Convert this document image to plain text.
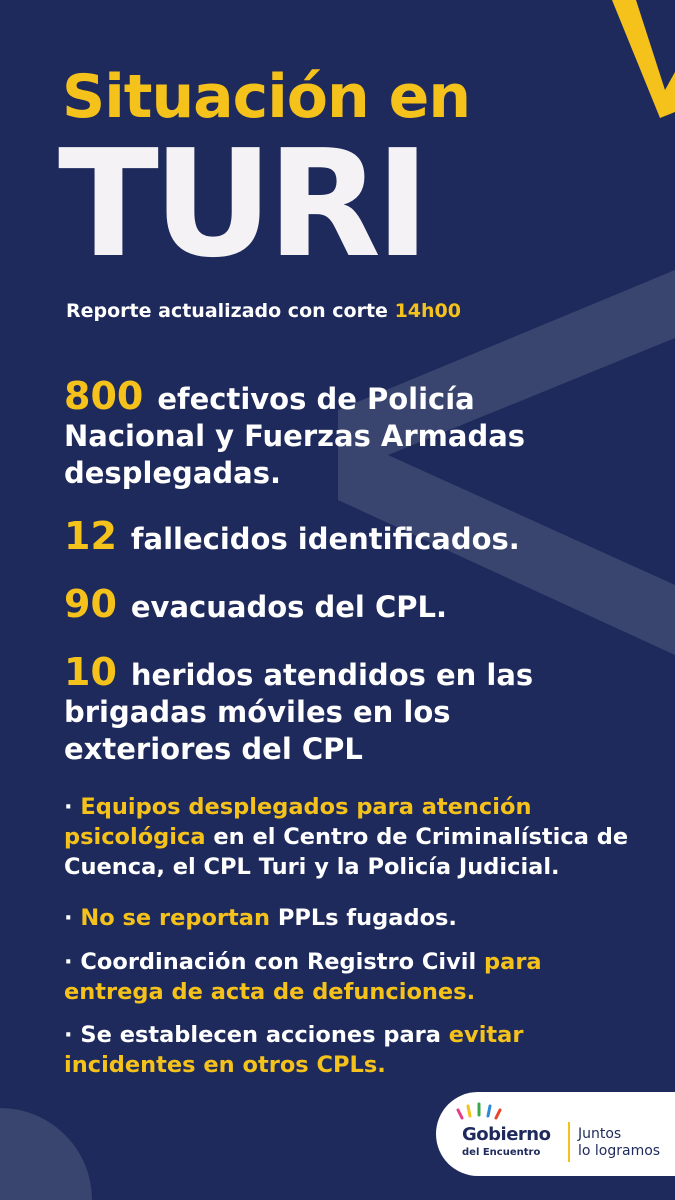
Situación en
TURI
Reporte actualizado con corte 14h00
800 efectivos de Policía Nacional y Fuerzas Armadas desplegadas.
12 fallecidos identificados.
90 evacuados del CPL.
10 heridos atendidos en las brigadas móviles en los exteriores del CPL
· Equipos desplegados para atención psicológica en el Centro de Criminalística de Cuenca, el CPL Turi y la Policía Judicial.
· No se reportan PPLs fugados.
· Coordinación con Registro Civil para entrega de acta de defunciones.
· Se establecen acciones para evitar incidentes en otros CPLs.
Gobierno
del Encuentro
Juntos
lo logramos
